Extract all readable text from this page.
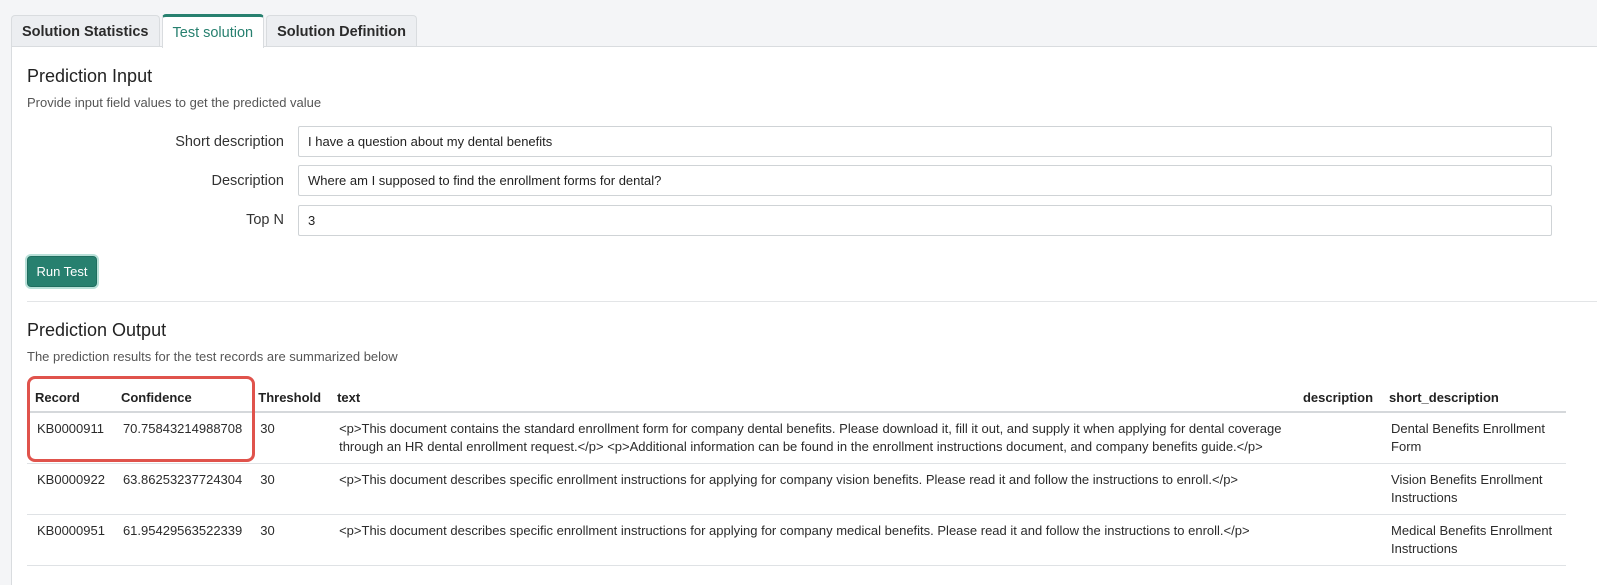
Solution Statistics	Test solution	Solution Definition
Prediction Input
Provide input field values to get the predicted value
Short description
I have a question about my dental benefits
Description
Where am I supposed to find the enrollment forms for dental?
Top N
3
Run Test
Prediction Output
The prediction results for the test records are summarized below
Record	Confidence	Threshold	text	description	short_description
KB0000911	70.75843214988708	30	<p>This document contains the standard enrollment form for company dental benefits. Please download it, fill it out, and supply it when applying for dental coverage through an HR dental enrollment request.</p> <p>Additional information can be found in the enrollment instructions document, and company benefits guide.</p>		Dental Benefits Enrollment Form
KB0000922	63.86253237724304	30	<p>This document describes specific enrollment instructions for applying for company vision benefits. Please read it and follow the instructions to enroll.</p>		Vision Benefits Enrollment Instructions
KB0000951	61.95429563522339	30	<p>This document describes specific enrollment instructions for applying for company medical benefits. Please read it and follow the instructions to enroll.</p>		Medical Benefits Enrollment Instructions
